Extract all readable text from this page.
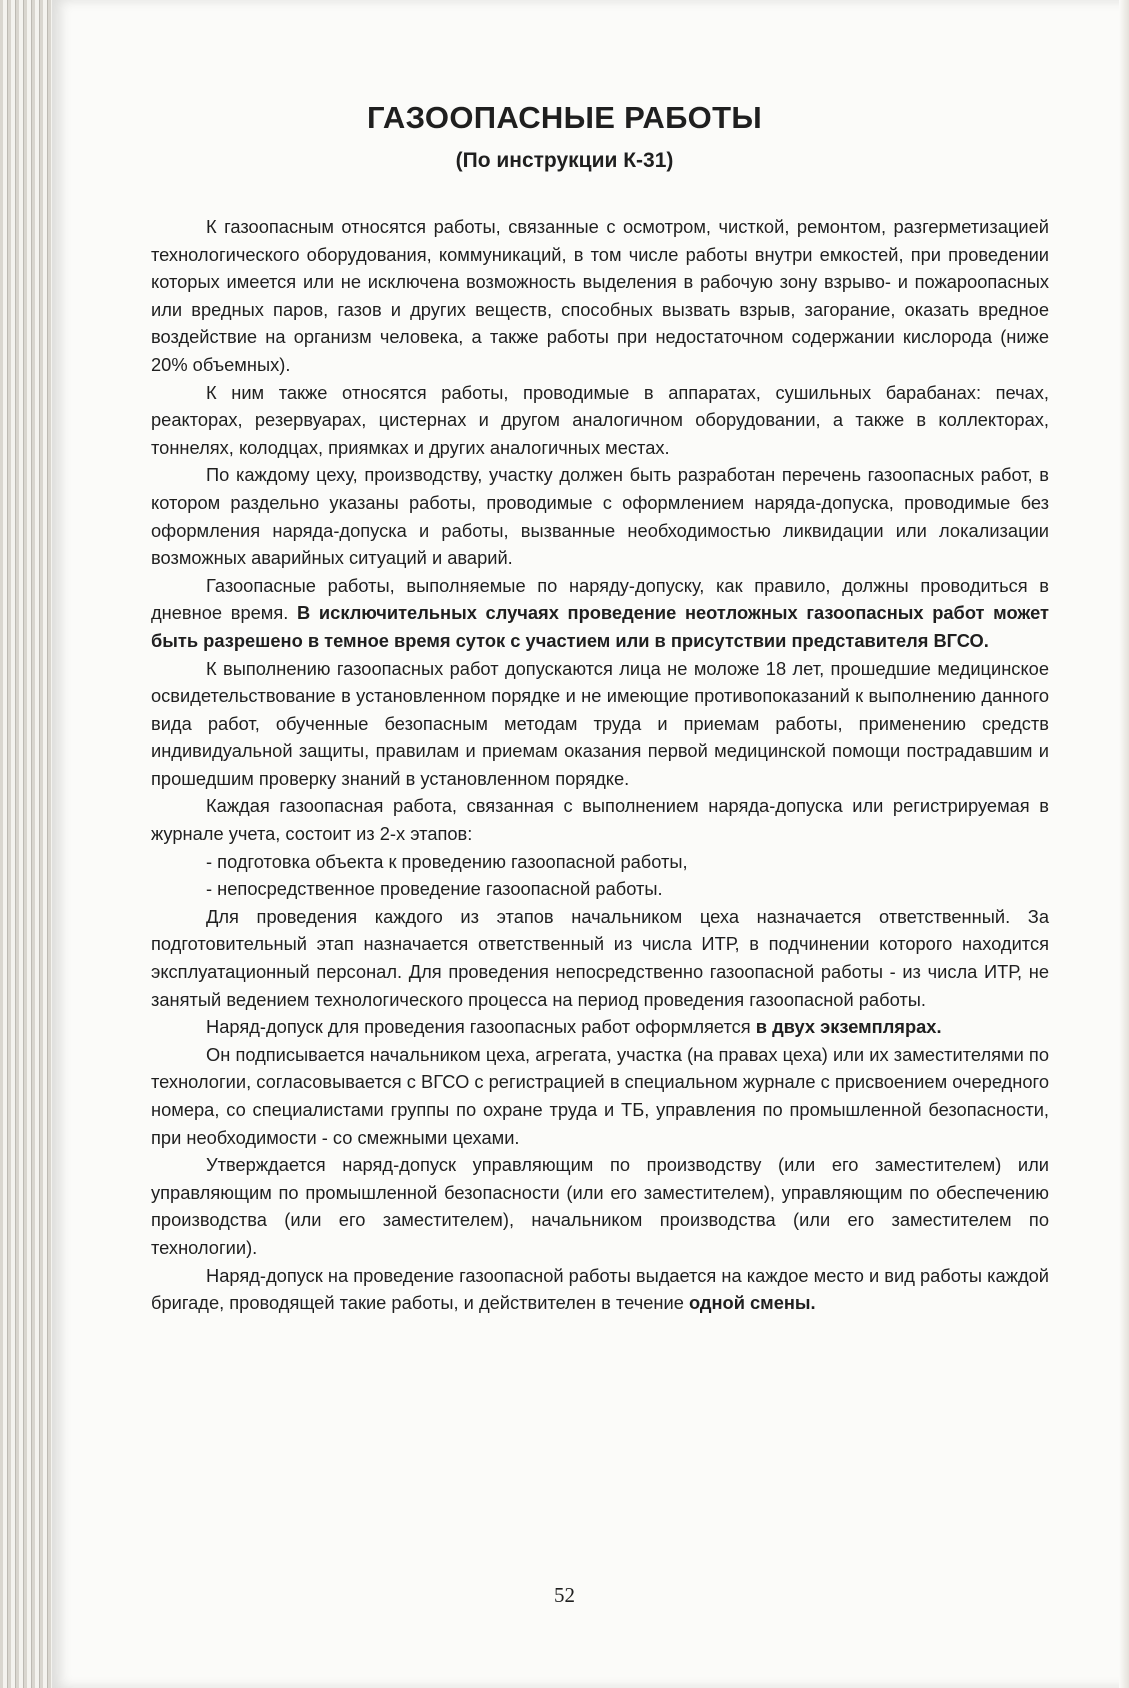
ГАЗООПАСНЫЕ РАБОТЫ
(По инструкции К-31)

К газоопасным относятся работы, связанные с осмотром, чисткой, ремонтом, разгерметизацией технологического оборудования, коммуникаций, в том числе работы внутри емкостей, при проведении которых имеется или не исключена возможность выделения в рабочую зону взрыво- и пожароопасных или вредных паров, газов и других веществ, способных вызвать взрыв, загорание, оказать вредное воздействие на организм человека, а также работы при недостаточном содержании кислорода (ниже 20% объемных).

К ним также относятся работы, проводимые в аппаратах, сушильных барабанах: печах, реакторах, резервуарах, цистернах и другом аналогичном оборудовании, а также в коллекторах, тоннелях, колодцах, приямках и других аналогичных местах.

По каждому цеху, производству, участку должен быть разработан перечень газоопасных работ, в котором раздельно указаны работы, проводимые с оформлением наряда-допуска, проводимые без оформления наряда-допуска и работы, вызванные необходимостью ликвидации или локализации возможных аварийных ситуаций и аварий.

Газоопасные работы, выполняемые по наряду-допуску, как правило, должны проводиться в дневное время. В исключительных случаях проведение неотложных газоопасных работ может быть разрешено в темное время суток с участием или в присутствии представителя ВГСО.

К выполнению газоопасных работ допускаются лица не моложе 18 лет, прошедшие медицинское освидетельствование в установленном порядке и не имеющие противопоказаний к выполнению данного вида работ, обученные безопасным методам труда и приемам работы, применению средств индивидуальной защиты, правилам и приемам оказания первой медицинской помощи пострадавшим и прошедшим проверку знаний в установленном порядке.

Каждая газоопасная работа, связанная с выполнением наряда-допуска или регистрируемая в журнале учета, состоит из 2-х этапов:

- подготовка объекта к проведению газоопасной работы,

- непосредственное проведение газоопасной работы.

Для проведения каждого из этапов начальником цеха назначается ответственный. За подготовительный этап назначается ответственный из числа ИТР, в подчинении которого находится эксплуатационный персонал. Для проведения непосредственно газоопасной работы - из числа ИТР, не занятый ведением технологического процесса на период проведения газоопасной работы.

Наряд-допуск для проведения газоопасных работ оформляется в двух экземплярах.

Он подписывается начальником цеха, агрегата, участка (на правах цеха) или их заместителями по технологии, согласовывается с ВГСО с регистрацией в специальном журнале с присвоением очередного номера, со специалистами группы по охране труда и ТБ, управления по промышленной безопасности, при необходимости - со смежными цехами.

Утверждается наряд-допуск управляющим по производству (или его заместителем) или управляющим по промышленной безопасности (или его заместителем), управляющим по обеспечению производства (или его заместителем), начальником производства (или его заместителем по технологии).

Наряд-допуск на проведение газоопасной работы выдается на каждое место и вид работы каждой бригаде, проводящей такие работы, и действителен в течение одной смены.

52
